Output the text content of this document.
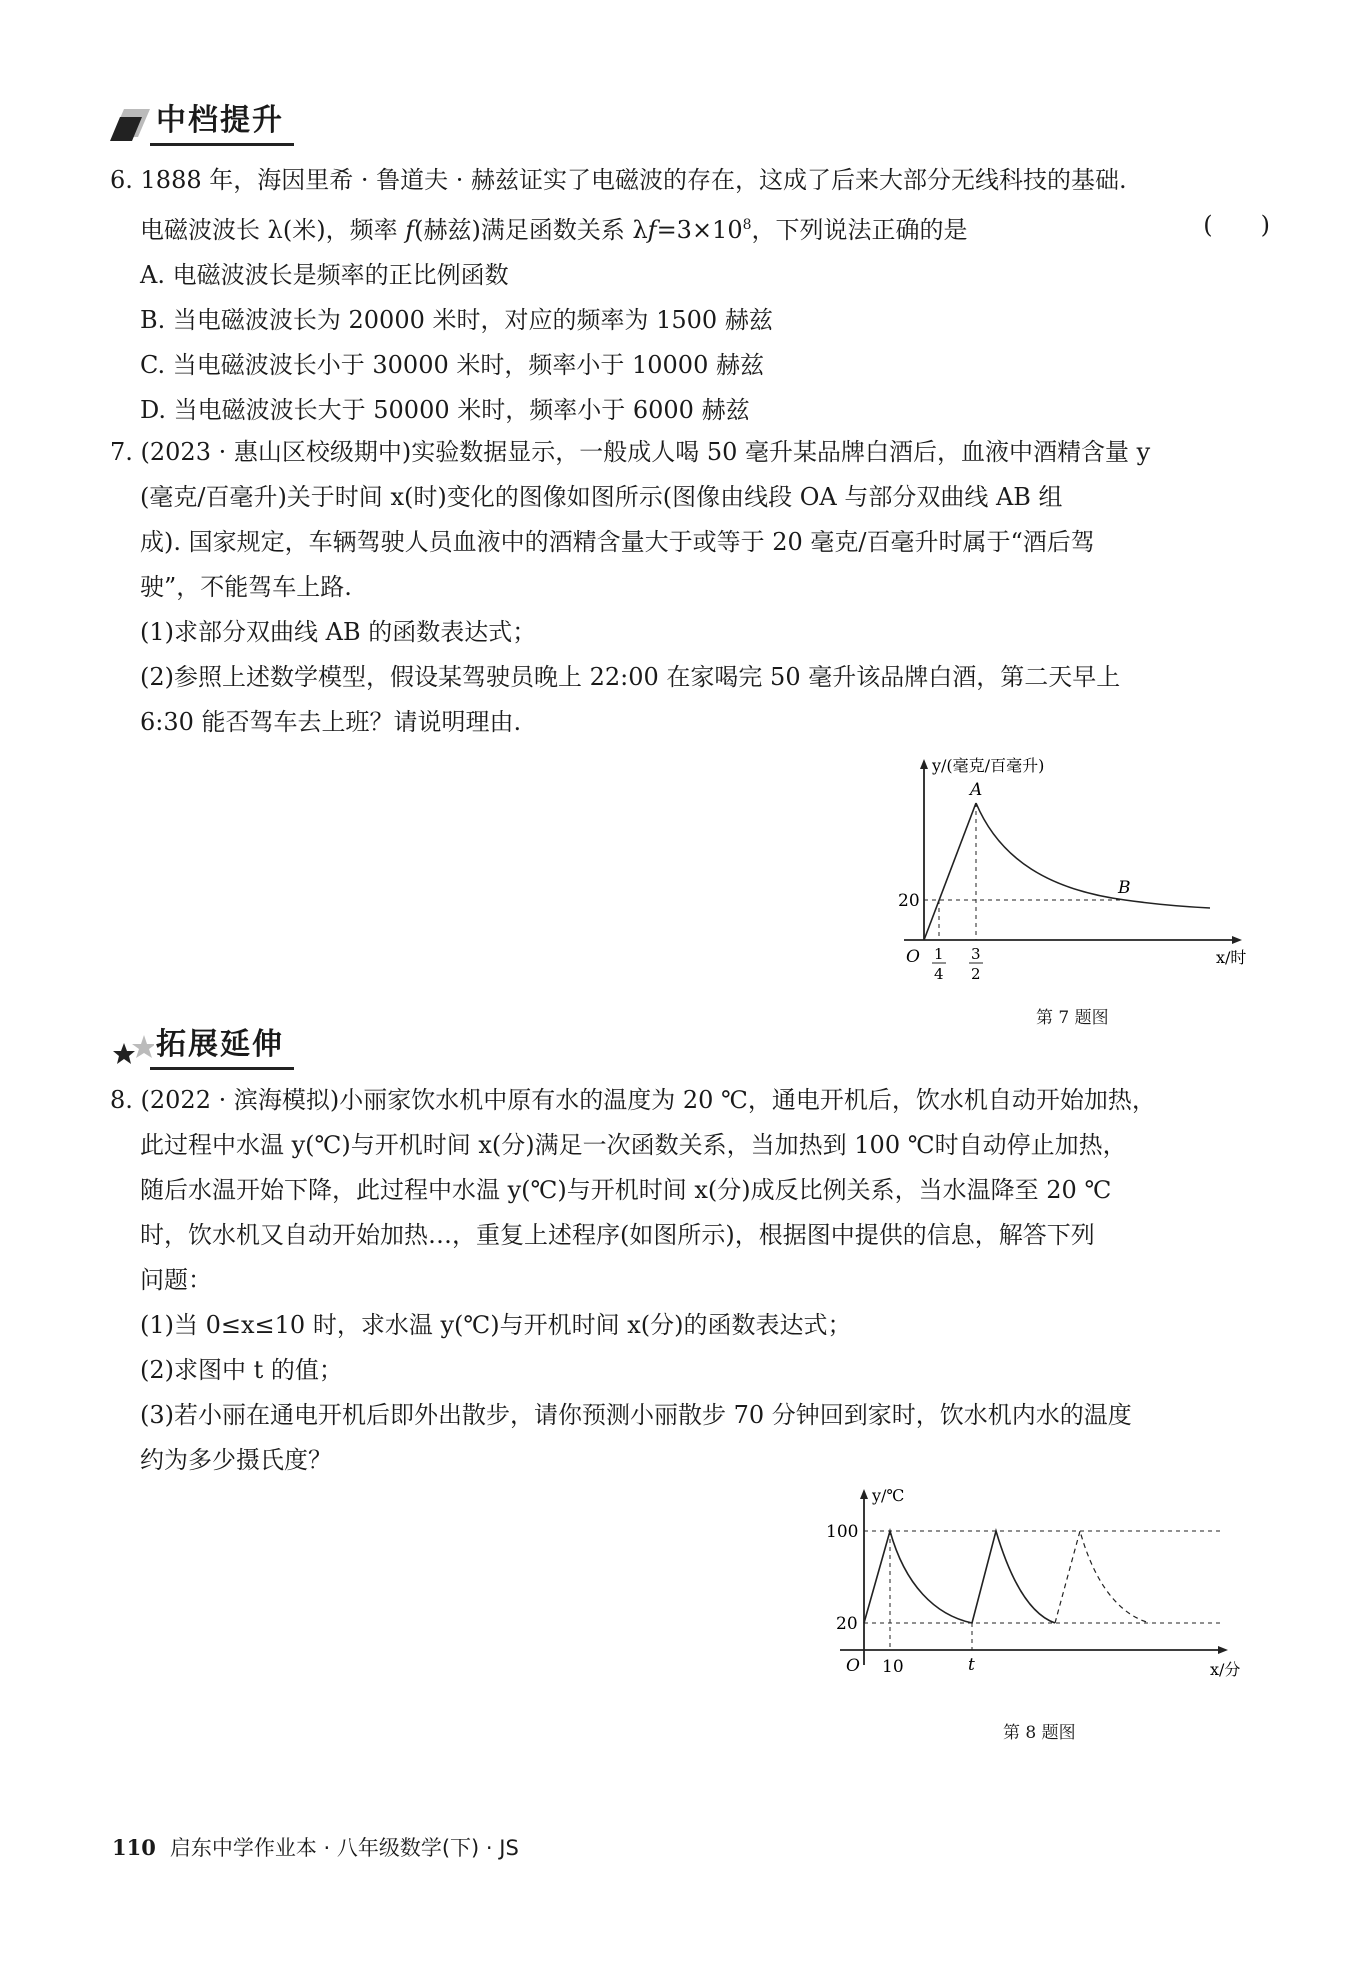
中档提升

6. 1888 年，海因里希 · 鲁道夫 · 赫兹证实了电磁波的存在，这成了后来大部分无线科技的基础.

电磁波波长 λ(米)，频率 f(赫兹)满足函数关系 $\lambda f=3\times 10^8$，下列说法正确的是	(　　)

A. 电磁波波长是频率的正比例函数

B. 当电磁波波长为 20000 米时，对应的频率为 1500 赫兹

C. 当电磁波波长小于 30000 米时，频率小于 10000 赫兹

D. 当电磁波波长大于 50000 米时，频率小于 6000 赫兹

7. (2023 · 惠山区校级期中)实验数据显示，一般成人喝 50 毫升某品牌白酒后，血液中酒精含量 y

(毫克/百毫升)关于时间 x(时)变化的图像如图所示(图像由线段 OA 与部分双曲线 AB 组

成). 国家规定，车辆驾驶人员血液中的酒精含量大于或等于 20 毫克/百毫升时属于“酒后驾

驶”，不能驾车上路.

(1)求部分双曲线 AB 的函数表达式；

(2)参照上述数学模型，假设某驾驶员晚上 22:00 在家喝完 50 毫升该品牌白酒，第二天早上

6:30 能否驾车去上班？请说明理由.

y/(毫克/百毫升)
A
B
20
O 1
4
3
2
x/时
第 7 题图
拓展延伸

8. (2022 · 滨海模拟)小丽家饮水机中原有水的温度为 20 ℃，通电开机后，饮水机自动开始加热，

此过程中水温 y(℃)与开机时间 x(分)满足一次函数关系，当加热到 100 ℃时自动停止加热，

随后水温开始下降，此过程中水温 y(℃)与开机时间 x(分)成反比例关系，当水温降至 20 ℃

时，饮水机又自动开始加热…，重复上述程序(如图所示)，根据图中提供的信息，解答下列

问题：

(1)当 0≤x≤10 时，求水温 y(℃)与开机时间 x(分)的函数表达式；

(2)求图中 t 的值；

(3)若小丽在通电开机后即外出散步，请你预测小丽散步 70 分钟回到家时，饮水机内水的温度

约为多少摄氏度？

y/℃
100
20
O 10	t	x/分
第 8 题图
110 启东中学作业本 · 八年级数学(下) · JS
